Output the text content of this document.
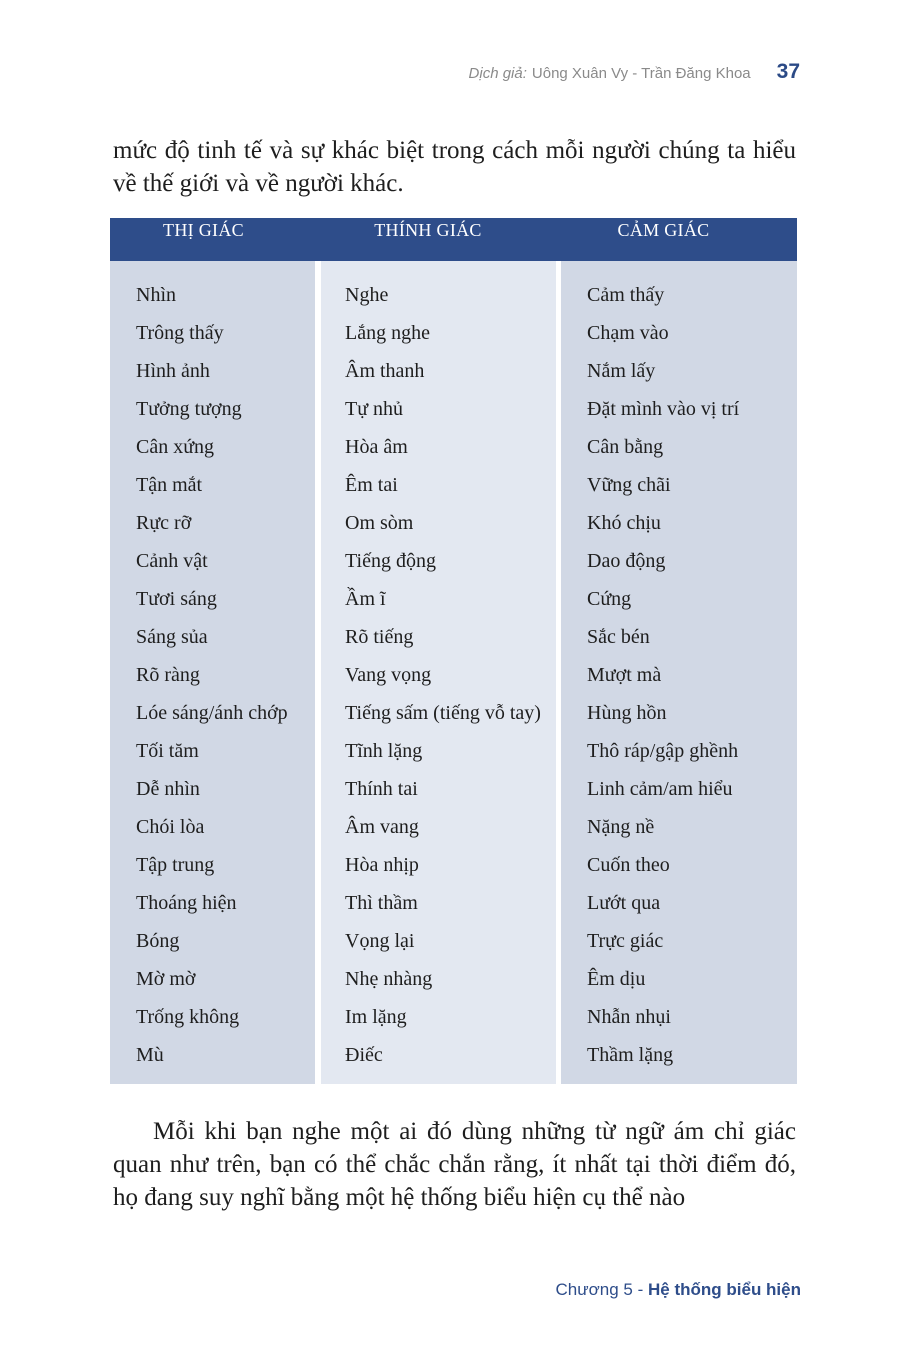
Dịch giả: Uông Xuân Vy - Trần Đăng Khoa 37

mức độ tinh tế và sự khác biệt trong cách mỗi người chúng ta hiểu về thế giới và về người khác.

THỊ GIÁC	THÍNH GIÁC	CẢM GIÁC
Nhìn
Trông thấy
Hình ảnh
Tưởng tượng
Cân xứng
Tận mắt
Rực rỡ
Cảnh vật
Tươi sáng
Sáng sủa
Rõ ràng
Lóe sáng/ánh chớp
Tối tăm
Dễ nhìn
Chói lòa
Tập trung
Thoáng hiện
Bóng
Mờ mờ
Trống không
Mù
Nghe
Lắng nghe
Âm thanh
Tự nhủ
Hòa âm
Êm tai
Om sòm
Tiếng động
Ầm ĩ
Rõ tiếng
Vang vọng
Tiếng sấm (tiếng vỗ tay)
Tĩnh lặng
Thính tai
Âm vang
Hòa nhịp
Thì thầm
Vọng lại
Nhẹ nhàng
Im lặng
Điếc
Cảm thấy
Chạm vào
Nắm lấy
Đặt mình vào vị trí
Cân bằng
Vững chãi
Khó chịu
Dao động
Cứng
Sắc bén
Mượt mà
Hùng hồn
Thô ráp/gập ghềnh
Linh cảm/am hiểu
Nặng nề
Cuốn theo
Lướt qua
Trực giác
Êm dịu
Nhẫn nhụi
Thầm lặng

Mỗi khi bạn nghe một ai đó dùng những từ ngữ ám chỉ giác quan như trên, bạn có thể chắc chắn rằng, ít nhất tại thời điểm đó, họ đang suy nghĩ bằng một hệ thống biểu hiện cụ thể nào

Chương 5 - Hệ thống biểu hiện
